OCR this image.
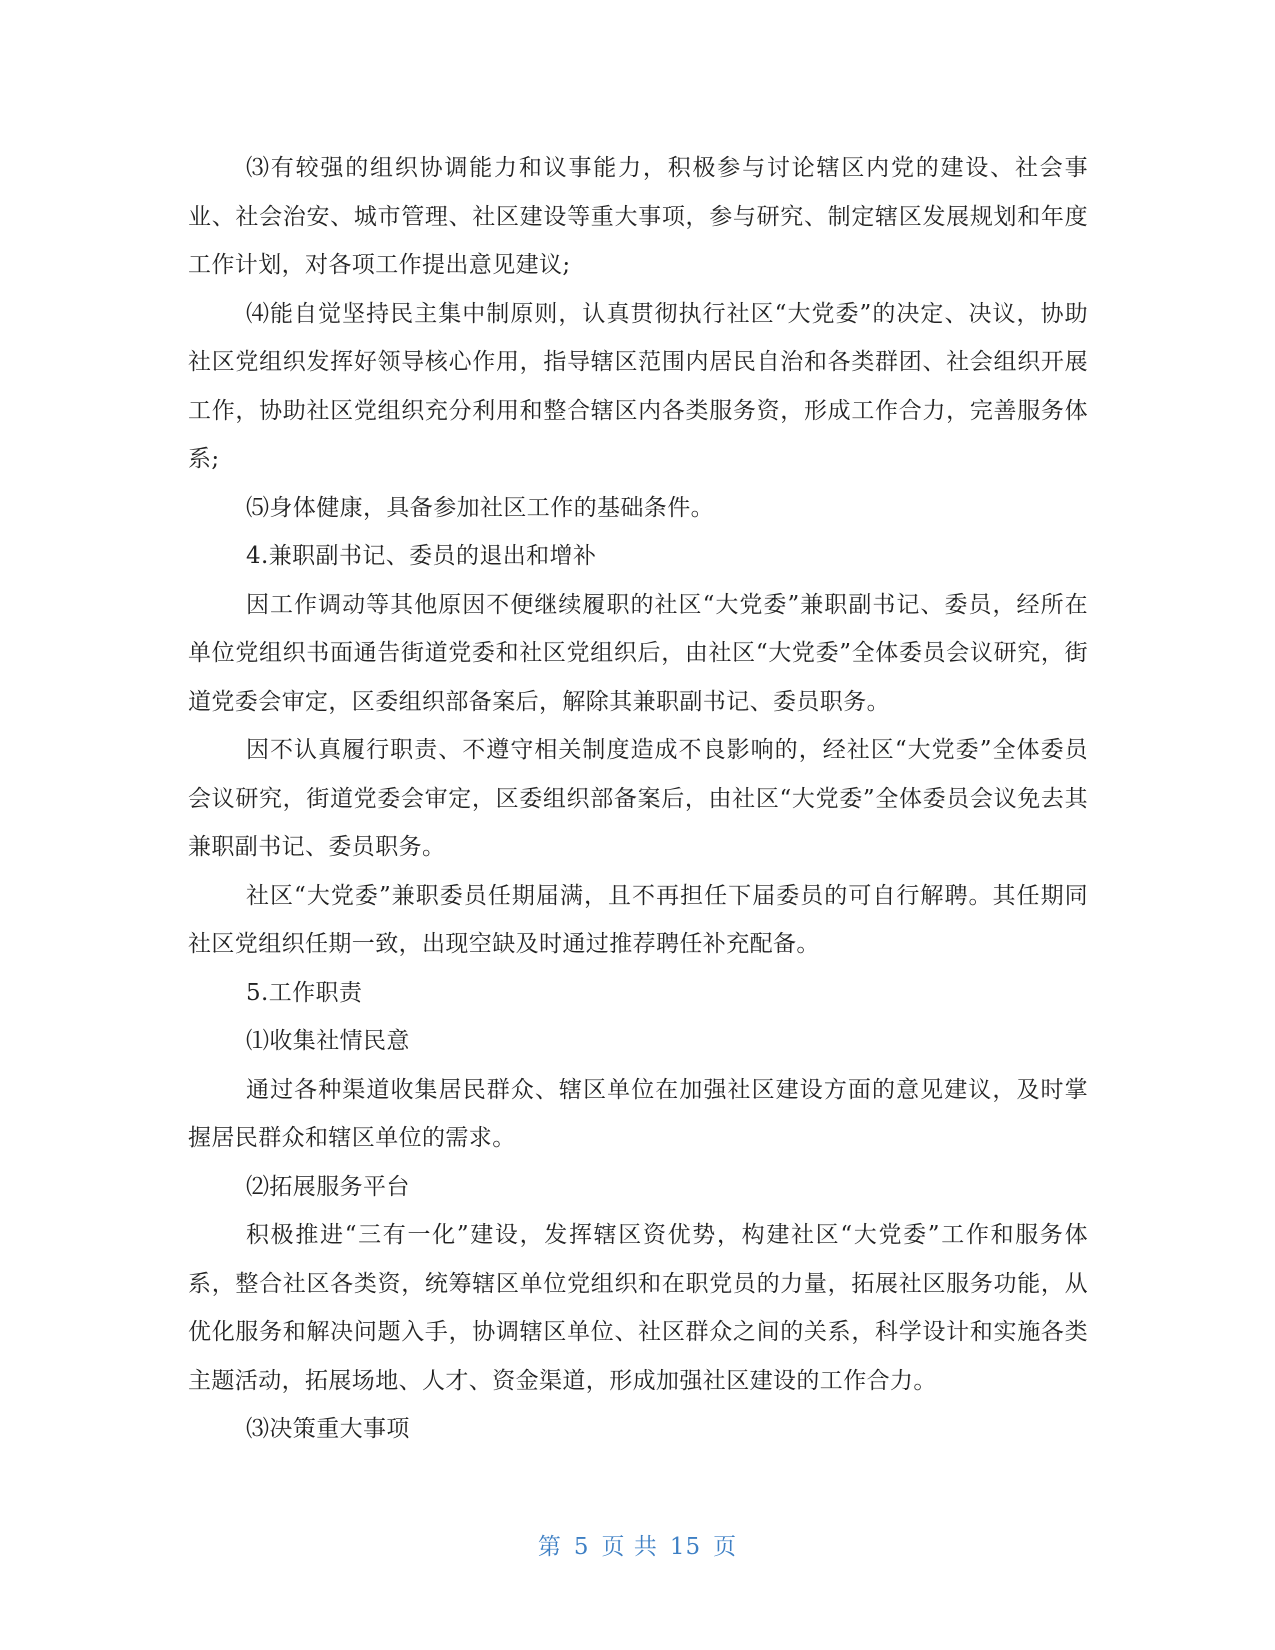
⑶有较强的组织协调能力和议事能力，积极参与讨论辖区内党的建设、社会事业、社会治安、城市管理、社区建设等重大事项，参与研究、制定辖区发展规划和年度工作计划，对各项工作提出意见建议;

⑷能自觉坚持民主集中制原则，认真贯彻执行社区“大党委”的决定、决议，协助社区党组织发挥好领导核心作用，指导辖区范围内居民自治和各类群团、社会组织开展工作，协助社区党组织充分利用和整合辖区内各类服务资，形成工作合力，完善服务体系;

⑸身体健康，具备参加社区工作的基础条件。

4.兼职副书记、委员的退出和增补

因工作调动等其他原因不便继续履职的社区“大党委”兼职副书记、委员，经所在单位党组织书面通告街道党委和社区党组织后，由社区“大党委”全体委员会议研究，街道党委会审定，区委组织部备案后，解除其兼职副书记、委员职务。

因不认真履行职责、不遵守相关制度造成不良影响的，经社区“大党委”全体委员会议研究，街道党委会审定，区委组织部备案后，由社区“大党委”全体委员会议免去其兼职副书记、委员职务。

社区“大党委”兼职委员任期届满，且不再担任下届委员的可自行解聘。其任期同社区党组织任期一致，出现空缺及时通过推荐聘任补充配备。

5.工作职责

⑴收集社情民意

通过各种渠道收集居民群众、辖区单位在加强社区建设方面的意见建议，及时掌握居民群众和辖区单位的需求。

⑵拓展服务平台

积极推进“三有一化”建设，发挥辖区资优势，构建社区“大党委”工作和服务体系，整合社区各类资，统筹辖区单位党组织和在职党员的力量，拓展社区服务功能，从优化服务和解决问题入手，协调辖区单位、社区群众之间的关系，科学设计和实施各类主题活动，拓展场地、人才、资金渠道，形成加强社区建设的工作合力。

⑶决策重大事项

第 5 页 共 15 页
